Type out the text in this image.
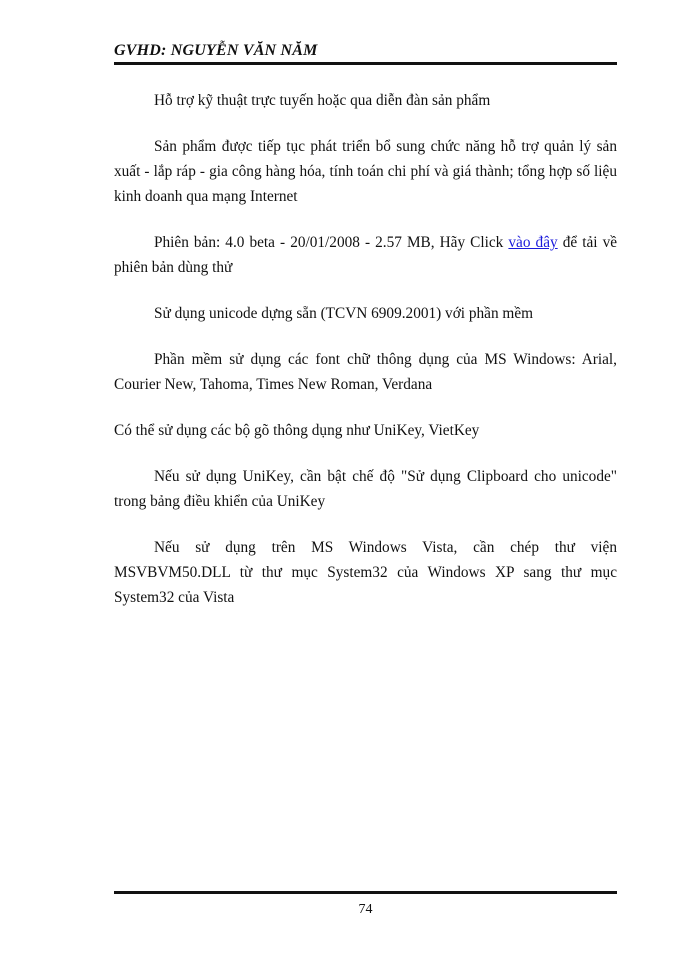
GVHD: NGUYỄN VĂN NĂM

Hỗ trợ kỹ thuật trực tuyến hoặc qua diễn đàn sản phẩm

Sản phẩm được tiếp tục phát triển bổ sung chức năng hỗ trợ quản lý sản xuất - lắp ráp - gia công hàng hóa, tính toán chi phí và giá thành; tổng hợp số liệu kinh doanh qua mạng Internet

Phiên bản: 4.0 beta - 20/01/2008 - 2.57 MB, Hãy Click vào đây để tải về phiên bản dùng thử

Sử dụng unicode dựng sẵn (TCVN 6909.2001) với phần mềm

Phần mềm sử dụng các font chữ thông dụng của MS Windows: Arial, Courier New, Tahoma, Times New Roman, Verdana

Có thể sử dụng các bộ gõ thông dụng như UniKey, VietKey

Nếu sử dụng UniKey, cần bật chế độ "Sử dụng Clipboard cho unicode" trong bảng điều khiển của UniKey

Nếu sử dụng trên MS Windows Vista, cần chép thư viện MSVBVM50.DLL từ thư mục System32 của Windows XP sang thư mục System32 của Vista

74
